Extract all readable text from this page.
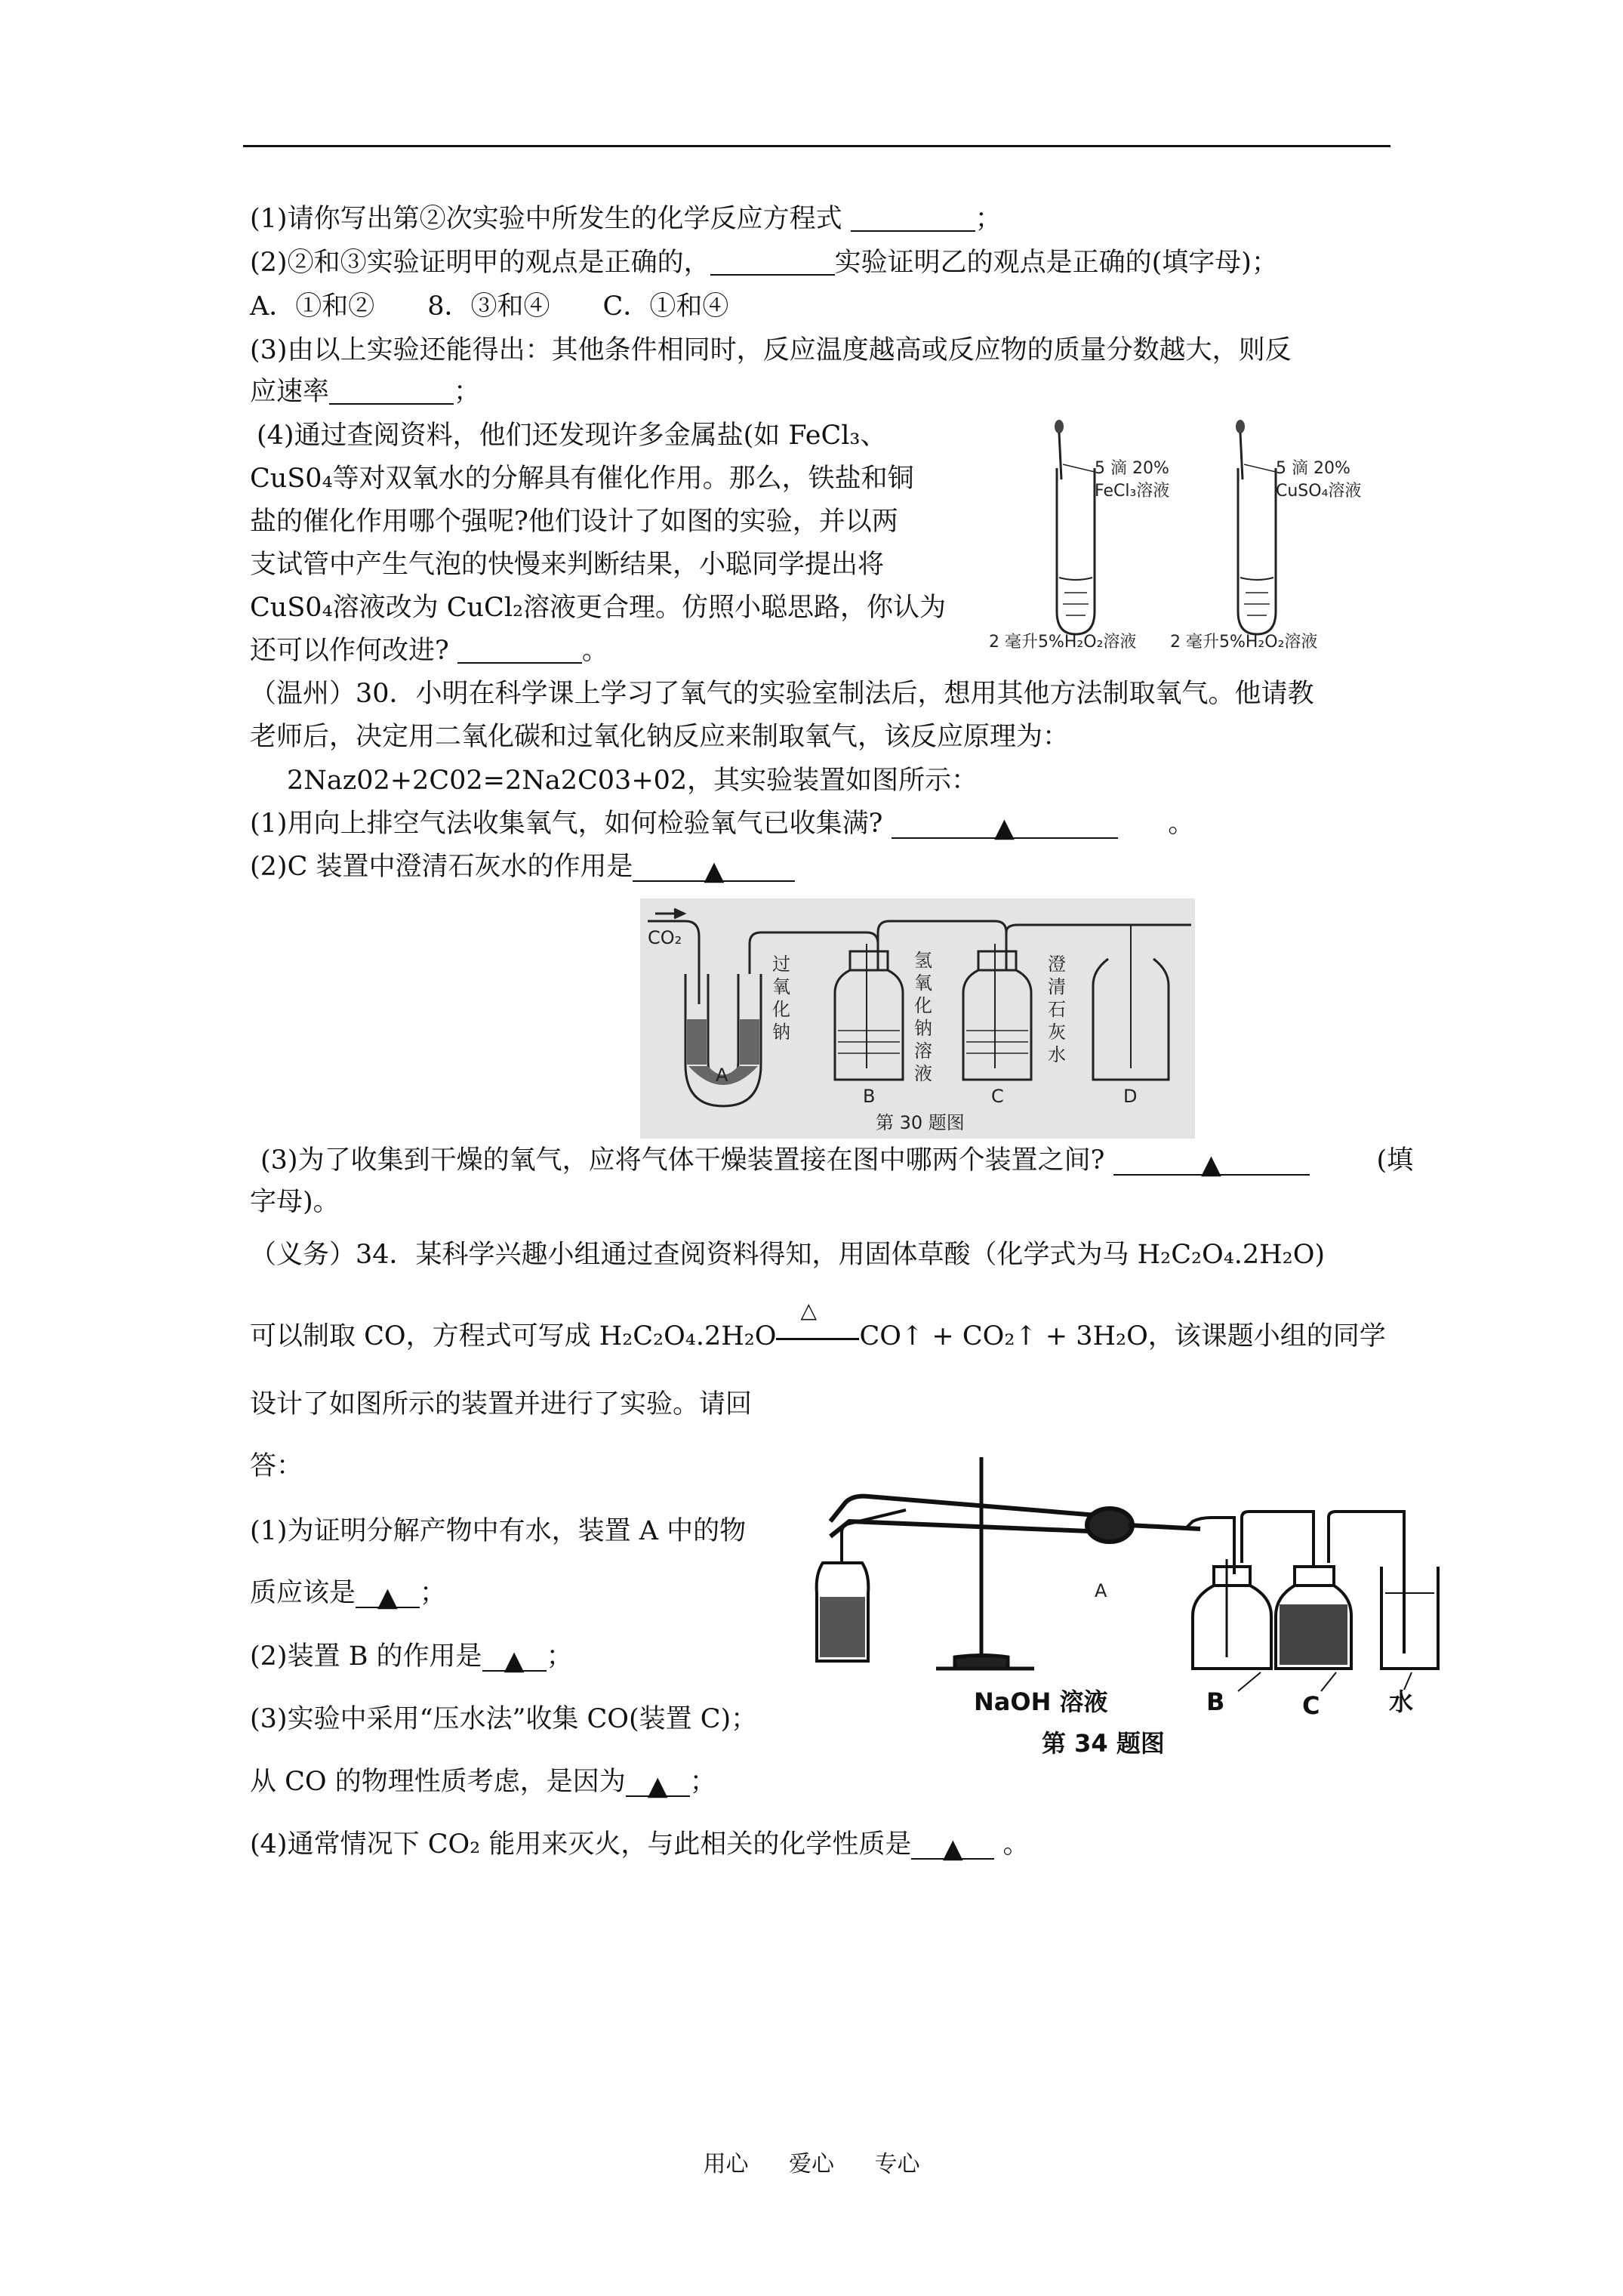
(1)请你写出第②次实验中所发生的化学反应方程式	；
(2)②和③实验证明甲的观点是正确的，	实验证明乙的观点是正确的(填字母)；
A．①和②　　8．③和④　　C．①和④
(3)由以上实验还能得出：其他条件相同时，反应温度越高或反应物的质量分数越大，则反
应速率	；
(4)通过查阅资料，他们还发现许多金属盐(如 FeCl₃、
CuS0₄等对双氧水的分解具有催化作用。那么，铁盐和铜
盐的催化作用哪个强呢?他们设计了如图的实验，并以两
支试管中产生气泡的快慢来判断结果，小聪同学提出将
CuS0₄溶液改为 CuCl₂溶液更合理。仿照小聪思路，你认为
还可以作何改进?	。
5 滴 20%
FeCl₃溶液
2 毫升5%H₂O₂溶液
5 滴 20%
CuSO₄溶液
2 毫升5%H₂O₂溶液
（温州）30．小明在科学课上学习了氧气的实验室制法后，想用其他方法制取氧气。他请教
老师后，决定用二氧化碳和过氧化钠反应来制取氧气，该反应原理为：
2Naz02+2C02=2Na2C03+02，其实验装置如图所示：
(1)用向上排空气法收集氧气，如何检验氧气已收集满?	▲	。
(2)C 装置中澄清石灰水的作用是	▲
CO₂
过
氧
化
钠
氢
氧
化
钠
溶
液
澄
清
石
灰
水
A
B	C	D
第 30 题图
(3)为了收集到干燥的氧气，应将气体干燥装置接在图中哪两个装置之间?	▲	(填
字母)。
（义务）34．某科学兴趣小组通过查阅资料得知，用固体草酸（化学式为马 H₂C₂O₄.2H₂O)
可以制取 CO，方程式可写成 H₂C₂O₄.2H₂O
△
CO↑ + CO₂↑ + 3H₂O，该课题小组的同学
设计了如图所示的装置并进行了实验。请回
答：
(1)为证明分解产物中有水，装置 A 中的物
质应该是 ▲ ；
(2)装置 B 的作用是 ▲ ；
(3)实验中采用“压水法”收集 CO(装置 C)；
从 CO 的物理性质考虑，是因为 ▲ ；
(4)通常情况下 CO₂ 能用来灭火，与此相关的化学性质是 ▲ 。
A
NaOH 溶液	B	C	水
第 34 题图
用心 爱心 专心
